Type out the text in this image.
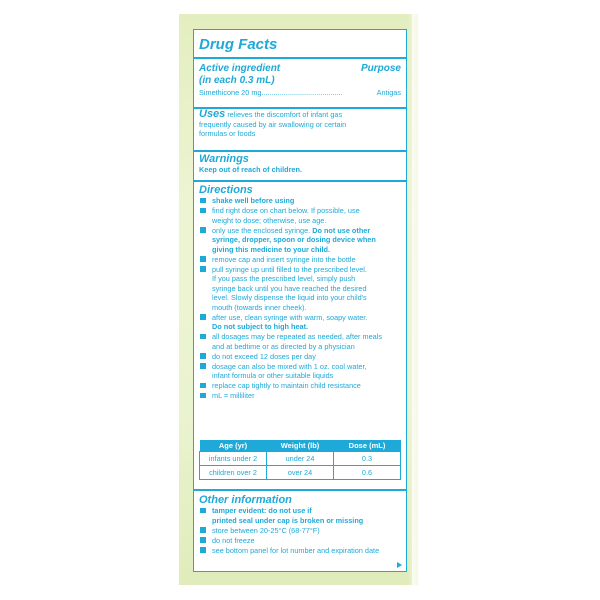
Drug Facts
Active ingredient
(in each 0.3 mL)
Purpose
Simethicone 20 mg ........................................	Antigas
Uses relieves the discomfort of infant gas
frequently caused by air swallowing or certain
formulas or foods
Warnings
Keep out of reach of children.
Directions
shake well before using
find right dose on chart below. If possible, use
weight to dose; otherwise, use age.
only use the enclosed syringe. Do not use other
syringe, dropper, spoon or dosing device when
giving this medicine to your child.
remove cap and insert syringe into the bottle
pull syringe up until filled to the prescribed level.
If you pass the prescribed level, simply push
syringe back until you have reached the desired
level. Slowly dispense the liquid into your child's
mouth (towards inner cheek).
after use, clean syringe with warm, soapy water.
Do not subject to high heat.
all dosages may be repeated as needed, after meals
and at bedtime or as directed by a physician
do not exceed 12 doses per day
dosage can also be mixed with 1 oz. cool water,
infant formula or other suitable liquids
replace cap tightly to maintain child resistance
mL = milliliter
Age (yr)	Weight (lb)	Dose (mL)
infants under 2	under 24	0.3
children over 2	over 24	0.6
Other information
tamper evident: do not use if
printed seal under cap is broken or missing
store between 20-25°C (68-77°F)
do not freeze
see bottom panel for lot number and expiration date
